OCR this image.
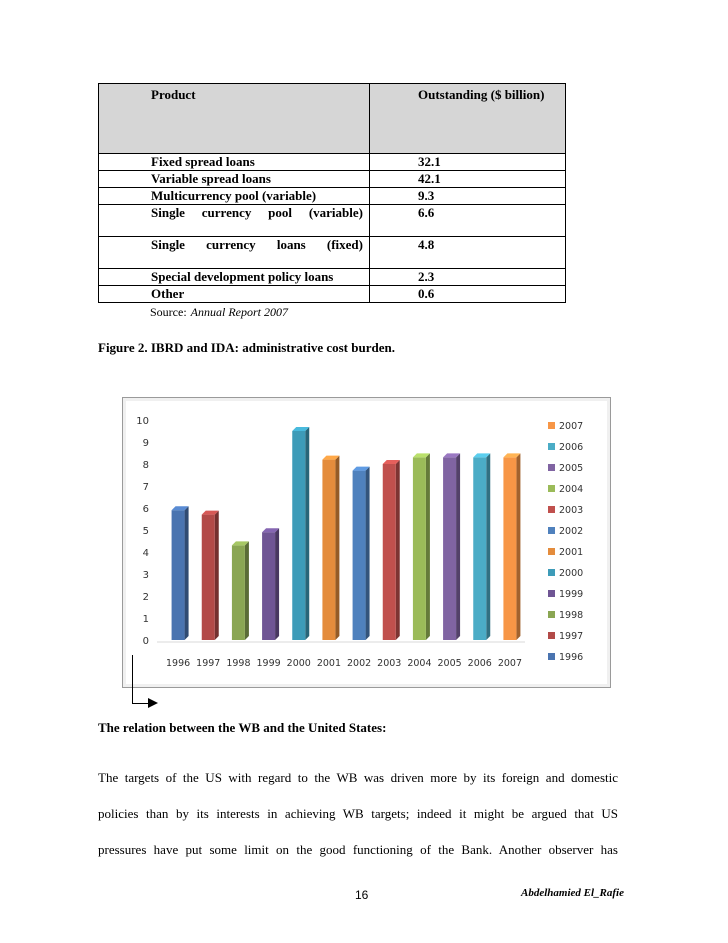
Product	Outstanding ($ billion)
Fixed spread loans	32.1
Variable spread loans	42.1
Multicurrency pool (variable)	9.3

Single currency pool (variable)	6.6

Single currency loans (fixed)	4.8
Special development policy loans	2.3
Other	0.6
Source: Annual Report 2007
Figure 2. IBRD and IDA: administrative cost burden.
0
1
2
3
4
5
6
7
8
9
10
1996 1997 1998 1999 2000 2001 2002 2003 2004 2005 2006 2007
2007
2006
2005
2004
2003
2002
2001
2000
1999
1998
1997
1996
The relation between the WB and the United States:
The targets of the US with regard to the WB was driven more by its foreign and domestic
policies than by its interests in achieving WB targets; indeed it might be argued that US
pressures have put some limit on the good functioning of the Bank. Another observer has
16	Abdelhamied El_Rafie
